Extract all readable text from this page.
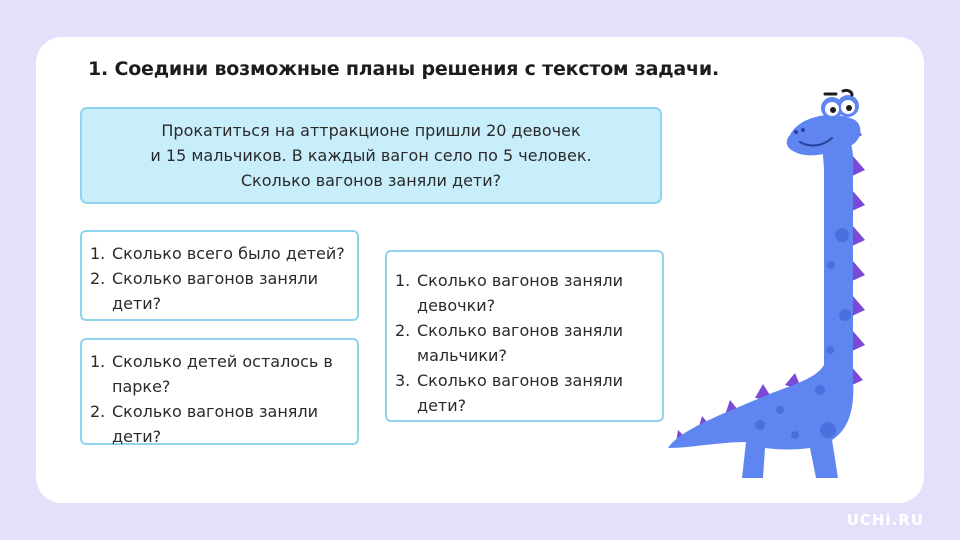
1. Соедини возможные планы решения с текстом задачи.
Прокатиться на аттракционе пришли 20 девочек
и 15 мальчиков. В каждый вагон село по 5 человек.
Сколько вагонов заняли дети?
1. Сколько всего было детей?
2. Сколько вагонов заняли дети?
1. Сколько детей осталось в парке?
2. Сколько вагонов заняли дети?
1. Сколько вагонов заняли девочки?
2. Сколько вагонов заняли мальчики?
3. Сколько вагонов заняли дети?
UCHi.RU
